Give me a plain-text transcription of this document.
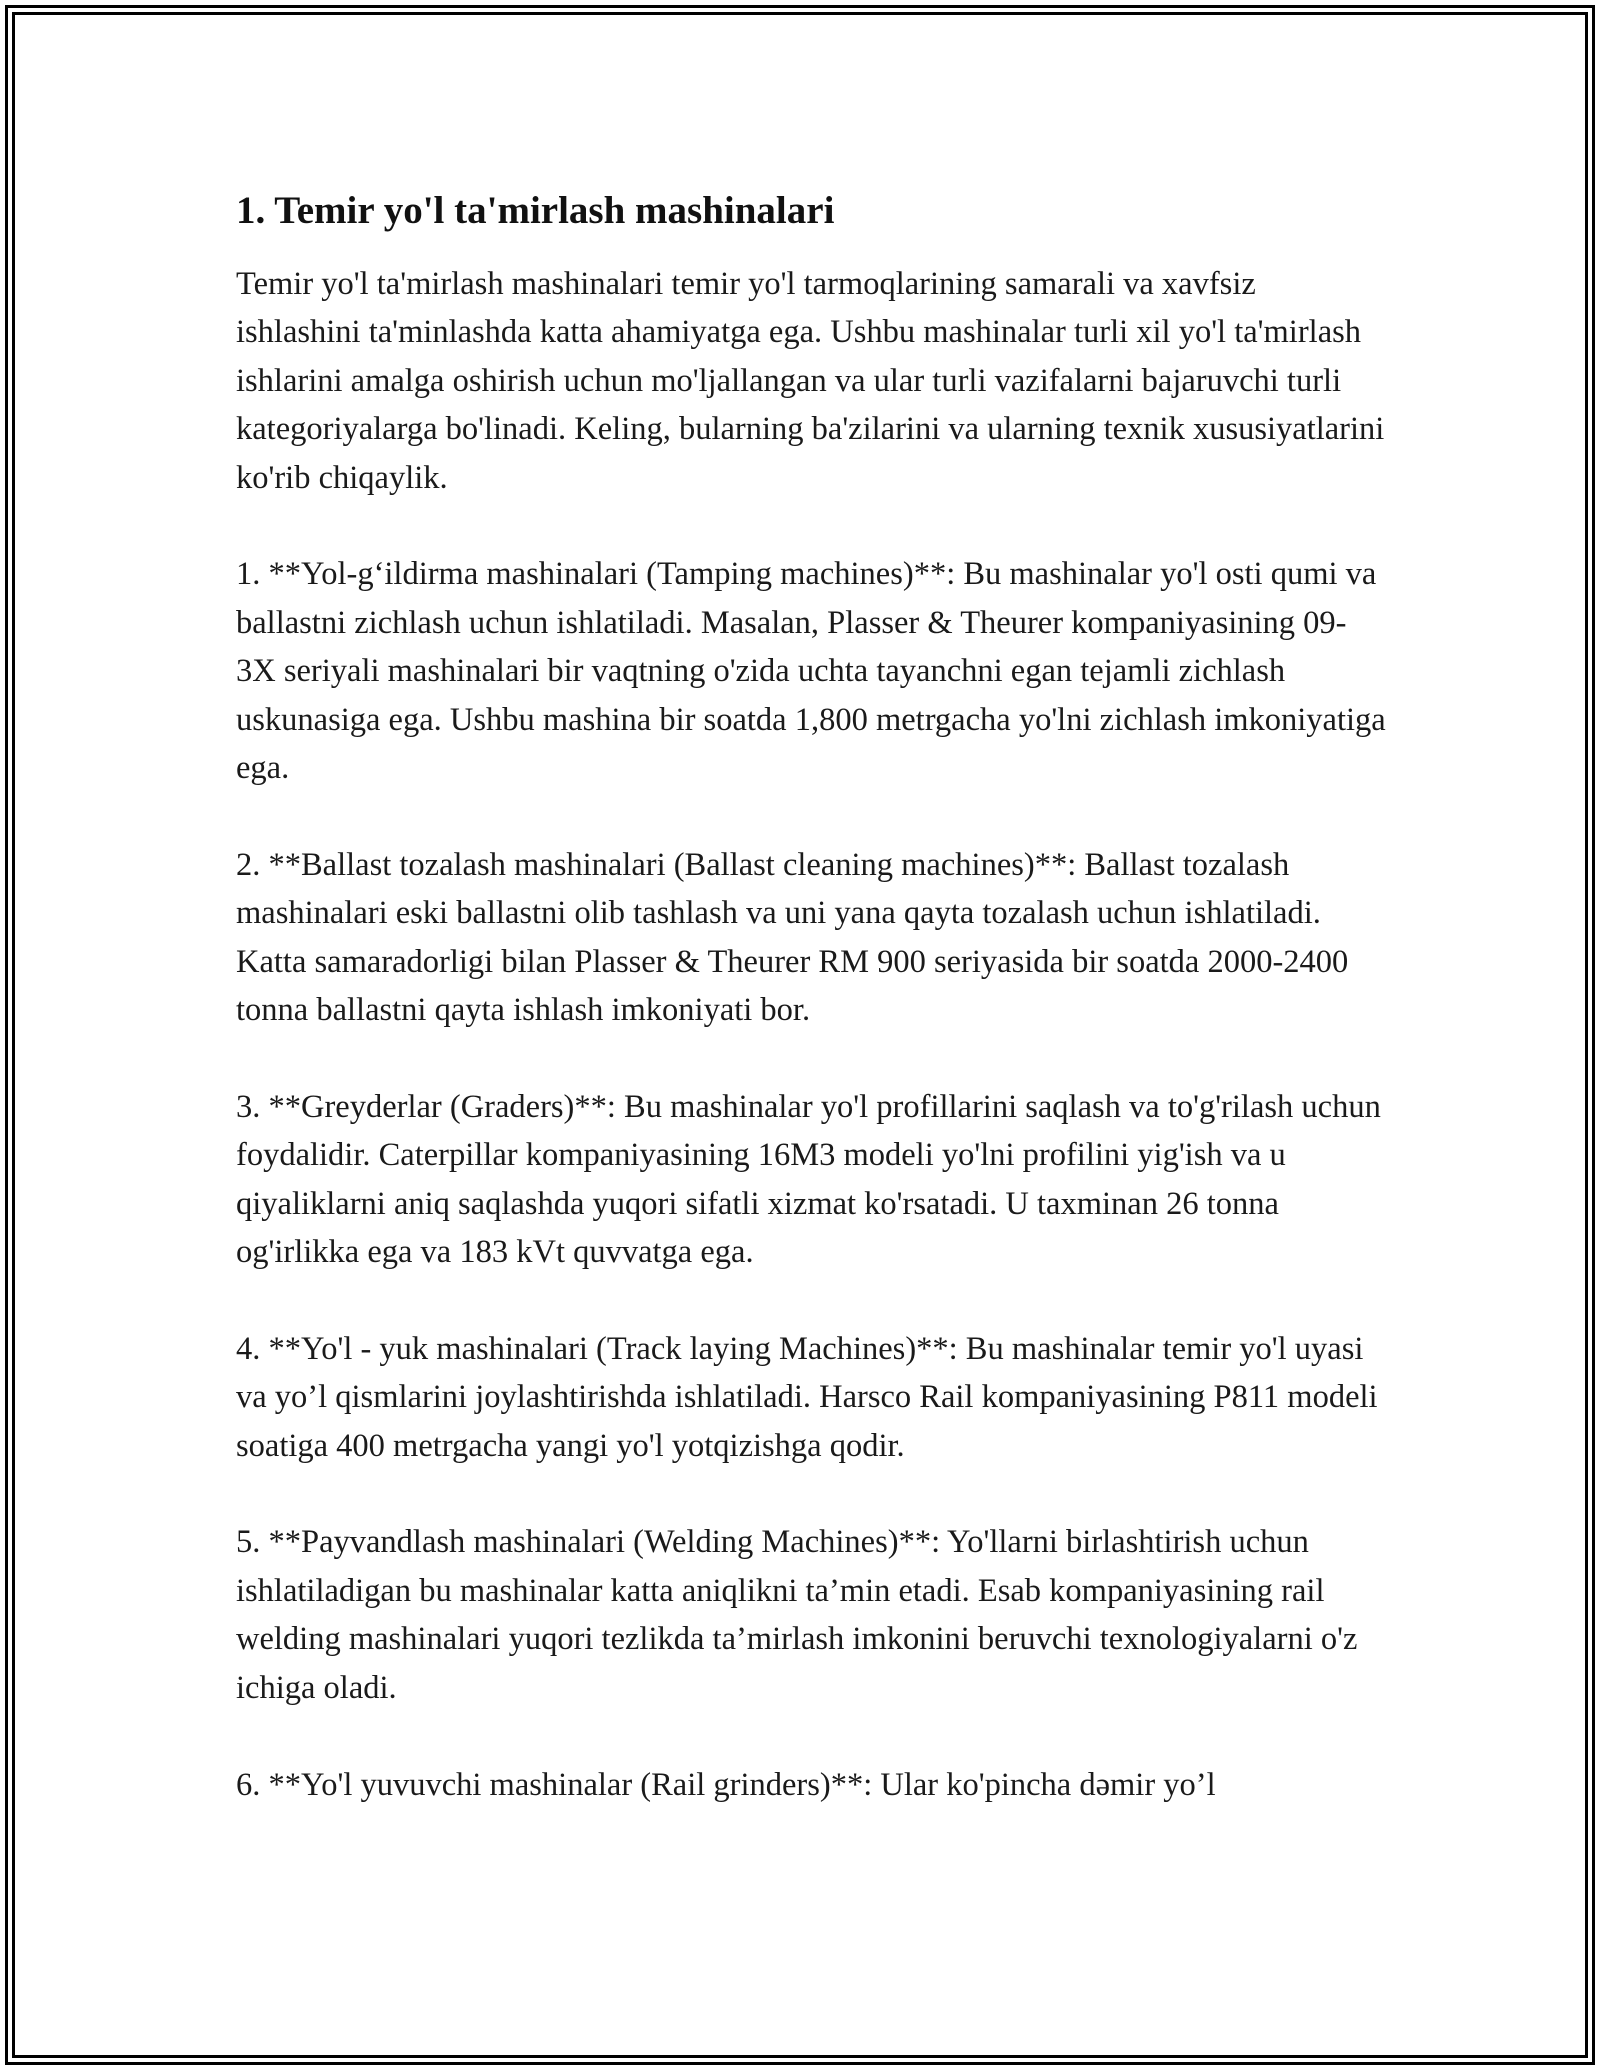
1. Temir yo'l ta'mirlash mashinalari

Temir yo'l ta'mirlash mashinalari temir yo'l tarmoqlarining samarali va xavfsiz ishlashini ta'minlashda katta ahamiyatga ega. Ushbu mashinalar turli xil yo'l ta'mirlash ishlarini amalga oshirish uchun mo'ljallangan va ular turli vazifalarni bajaruvchi turli kategoriyalarga bo'linadi. Keling, bularning ba'zilarini va ularning texnik xususiyatlarini ko'rib chiqaylik.

1. **Yol-g‘ildirma mashinalari (Tamping machines)**: Bu mashinalar yo'l osti qumi va ballastni zichlash uchun ishlatiladi. Masalan, Plasser & Theurer kompaniyasining 09-3X seriyali mashinalari bir vaqtning o'zida uchta tayanchni egan tejamli zichlash uskunasiga ega. Ushbu mashina bir soatda 1,800 metrgacha yo'lni zichlash imkoniyatiga ega.

2. **Ballast tozalash mashinalari (Ballast cleaning machines)**: Ballast tozalash mashinalari eski ballastni olib tashlash va uni yana qayta tozalash uchun ishlatiladi. Katta samaradorligi bilan Plasser & Theurer RM 900 seriyasida bir soatda 2000-2400 tonna ballastni qayta ishlash imkoniyati bor.

3. **Greyderlar (Graders)**: Bu mashinalar yo'l profillarini saqlash va to'g'rilash uchun foydalidir. Caterpillar kompaniyasining 16M3 modeli yo'lni profilini yig'ish va u qiyaliklarni aniq saqlashda yuqori sifatli xizmat ko'rsatadi. U taxminan 26 tonna og'irlikka ega va 183 kVt quvvatga ega.

4. **Yo'l - yuk mashinalari (Track laying Machines)**: Bu mashinalar temir yo'l uyasi va yo’l qismlarini joylashtirishda ishlatiladi. Harsco Rail kompaniyasining P811 modeli soatiga 400 metrgacha yangi yo'l yotqizishga qodir.

5. **Payvandlash mashinalari (Welding Machines)**: Yo'llarni birlashtirish uchun ishlatiladigan bu mashinalar katta aniqlikni ta’min etadi. Esab kompaniyasining rail welding mashinalari yuqori tezlikda ta’mirlash imkonini beruvchi texnologiyalarni o'z ichiga oladi.

6. **Yo'l yuvuvchi mashinalar (Rail grinders)**: Ular ko'pincha dəmir yo’l
